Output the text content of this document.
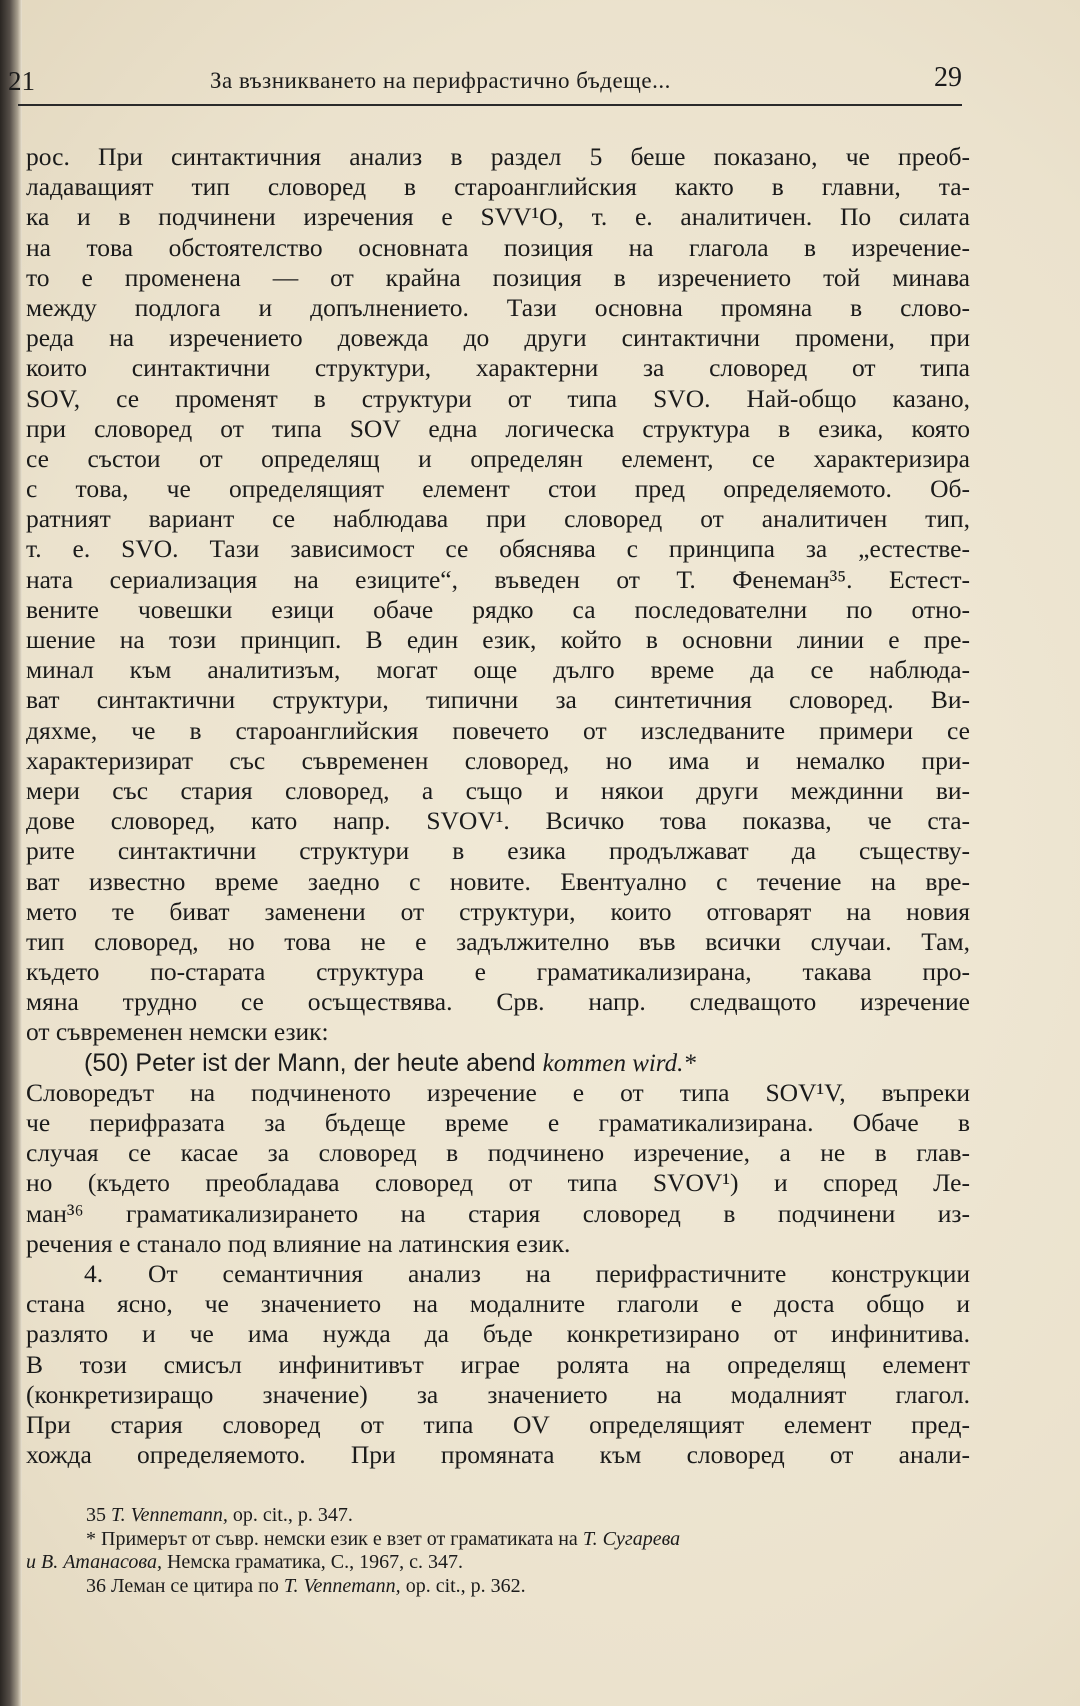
21	За възникването на перифрастично бъдеще...	29
рос. При синтактичния анализ в раздел 5 беше показано, че преоб-
ладаващият тип словоред в староанглийския както в главни, та-
ка и в подчинени изречения е SVV¹O, т. е. аналитичен. По силата
на това обстоятелство основната позиция на глагола в изречение-
то е променена — от крайна позиция в изречението той минава
между подлога и допълнението. Тази основна промяна в слово-
реда на изречението довежда до други синтактични промени, при
които синтактични структури, характерни за словоред от типа
SOV, се променят в структури от типа SVO. Най-общо казано,
при словоред от типа SOV една логическа структура в езика, която
се състои от определящ и определян елемент, се характеризира
с това, че определящият елемент стои пред определяемото. Об-
ратният вариант се наблюдава при словоред от аналитичен тип,
т. е. SVO. Тази зависимост се обяснява с принципа за „естестве-
ната сериализация на езиците“, въведен от Т. Фенеман³⁵. Естест-
вените човешки езици обаче рядко са последователни по отно-
шение на този принцип. В един език, който в основни линии е пре-
минал към аналитизъм, могат още дълго време да се наблюда-
ват синтактични структури, типични за синтетичния словоред. Ви-
дяхме, че в староанглийския повечето от изследваните примери се
характеризират със съвременен словоред, но има и немалко при-
мери със стария словоред, а също и някои други междинни ви-
дове словоред, като напр. SVOV¹. Всичко това показва, че ста-
рите синтактични структури в езика продължават да съществу-
ват известно време заедно с новите. Евентуално с течение на вре-
мето те биват заменени от структури, които отговарят на новия
тип словоред, но това не е задължително във всички случаи. Там,
където по-старата структура е граматикализирана, такава про-
мяна трудно се осъществява. Срв. напр. следващото изречение
от съвременен немски език:
(50) Peter ist der Mann, der heute abend kommen wird.*
Словоредът на подчиненото изречение е от типа SOV¹V, въпреки
че перифразата за бъдеще време е граматикализирана. Обаче в
случая се касае за словоред в подчинено изречение, а не в глав-
но (където преобладава словоред от типа SVOV¹) и според Ле-
ман³⁶ граматикализирането на стария словоред в подчинени из-
речения е станало под влияние на латинския език.
4. От семантичния анализ на перифрастичните конструкции
стана ясно, че значението на модалните глаголи е доста общо и
разлято и че има нужда да бъде конкретизирано от инфинитива.
В този смисъл инфинитивът играе ролята на определящ елемент
(конкретизиращо значение) за значението на модалният глагол.
При стария словоред от типа OV определящият елемент пред-
хожда определяемото. При промяната към словоред от анали-
35 T. Vennemann, op. cit., p. 347.
* Примерът от съвр. немски език е взет от граматиката на Т. Сугарева
и В. Атанасова, Немска граматика, С., 1967, с. 347.
36 Леман се цитира по T. Vennemann, op. cit., p. 362.
